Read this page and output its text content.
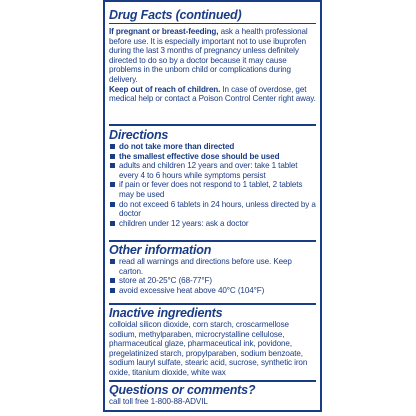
Drug Facts (continued)
If pregnant or breast-feeding, ask a health professional before use. It is especially important not to use ibuprofen during the last 3 months of pregnancy unless definitely directed to do so by a doctor because it may cause problems in the unborn child or complications during delivery.
Keep out of reach of children. In case of overdose, get medical help or contact a Poison Control Center right away.
Directions
do not take more than directed
the smallest effective dose should be used
adults and children 12 years and over: take 1 tablet every 4 to 6 hours while symptoms persist
if pain or fever does not respond to 1 tablet, 2 tablets may be used
do not exceed 6 tablets in 24 hours, unless directed by a doctor
children under 12 years: ask a doctor
Other information
read all warnings and directions before use. Keep carton.
store at 20-25°C (68-77°F)
avoid excessive heat above 40°C (104°F)
Inactive ingredients
colloidal silicon dioxide, corn starch, croscarmellose sodium, methylparaben, microcrystalline cellulose, pharmaceutical glaze, pharmaceutical ink, povidone, pregelatinized starch, propylparaben, sodium benzoate, sodium lauryl sulfate, stearic acid, sucrose, synthetic iron oxide, titanium dioxide, white wax
Questions or comments?
call toll free 1-800-88-ADVIL
